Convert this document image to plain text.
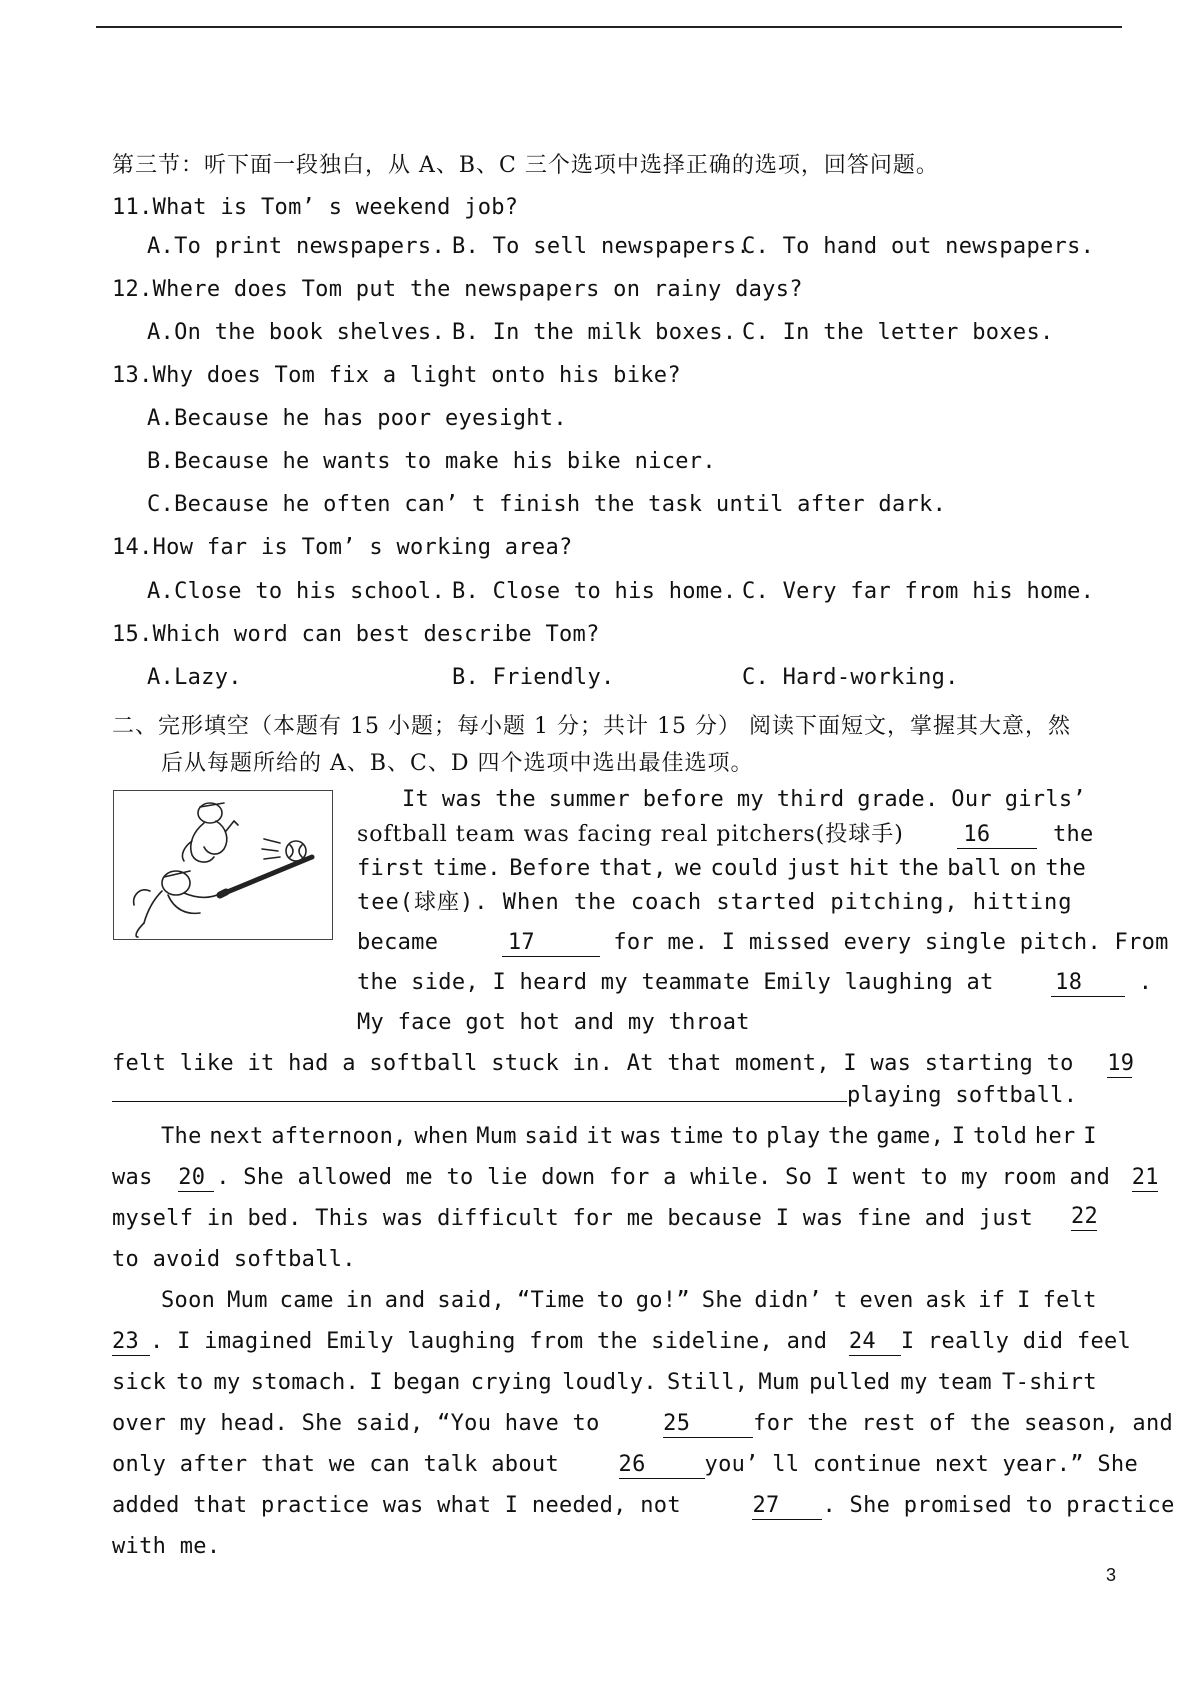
第三节：听下面一段独白，从 A、B、C 三个选项中选择正确的选项，回答问题。
11.What is Tom’ s weekend job?
A.To print newspapers. B. To sell newspapers.
C. To hand out newspapers.
12.Where does Tom put the newspapers on rainy days?
A.On the book shelves. B. In the milk boxes. C. In the letter boxes.
13.Why does Tom fix a light onto his bike?
A.Because he has poor eyesight.
B.Because he wants to make his bike nicer.
C.Because he often can’ t finish the task until after dark.
14.How far is Tom’ s working area?
A.Close to his school. B. Close to his home. C. Very far from his home.
15.Which word can best describe Tom?
A.Lazy.	B. Friendly.	C. Hard-working.
二、完形填空（本题有 15 小题；每小题 1 分；共计 15 分） 阅读下面短文，掌握其大意，然
后从每题所给的 A、B、C、D 四个选项中选出最佳选项。
It was the summer before my third grade. Our girls’
softball team was facing real pitchers(投球手)	16	the
first time. Before that, we could just hit the ball on the
tee(球座). When the coach started pitching, hitting
became	17	for me. I missed every single pitch. From
the side, I heard my teammate Emily laughing at	18	.
My face got hot and my throat
felt like it had a softball stuck in. At that moment, I was starting to 19
playing softball.
The next afternoon, when Mum said it was time to play the game, I told her I
was 20 . She allowed me to lie down for a while. So I went to my room and 21
myself in bed. This was difficult for me because I was fine and just 22
to avoid softball.
Soon Mum came in and said, “Time to go!” She didn’ t even ask if I felt
23 . I imagined Emily laughing from the sideline, and 24 I really did feel
sick to my stomach. I began crying loudly. Still, Mum pulled my team T-shirt
over my head. She said, “You have to	25	for the rest of the season, and
only after that we can talk about	26	you’ ll continue next year.” She
added that practice was what I needed, not	27 . She promised to practice
with me.
3
